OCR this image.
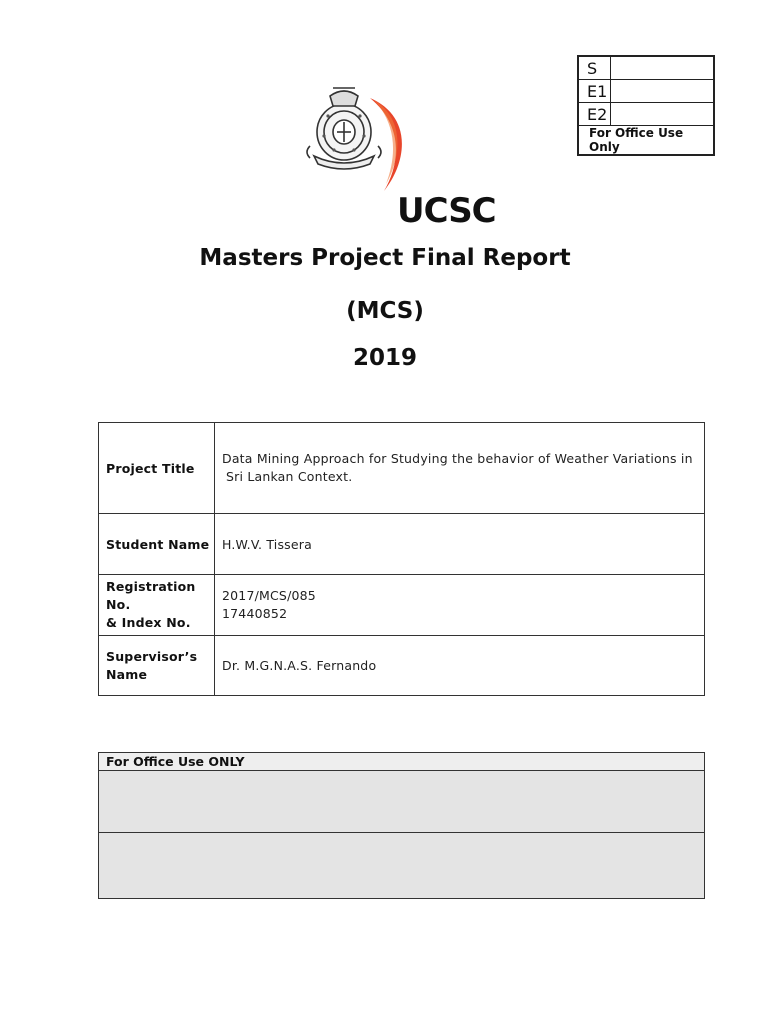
S	
E1	
E2	
For Office Use Only	
UCSC
Masters Project Final Report
(MCS)
2019
Project Title	Data Mining Approach for Studying the behavior of Weather Variations in
Sri Lankan Context.

Student Name	H.W.V. Tissera

Registration No.
& Index No.	2017/MCS/085
17440852

Supervisor’s
Name	Dr. M.G.N.A.S. Fernando
For Office Use ONLY
